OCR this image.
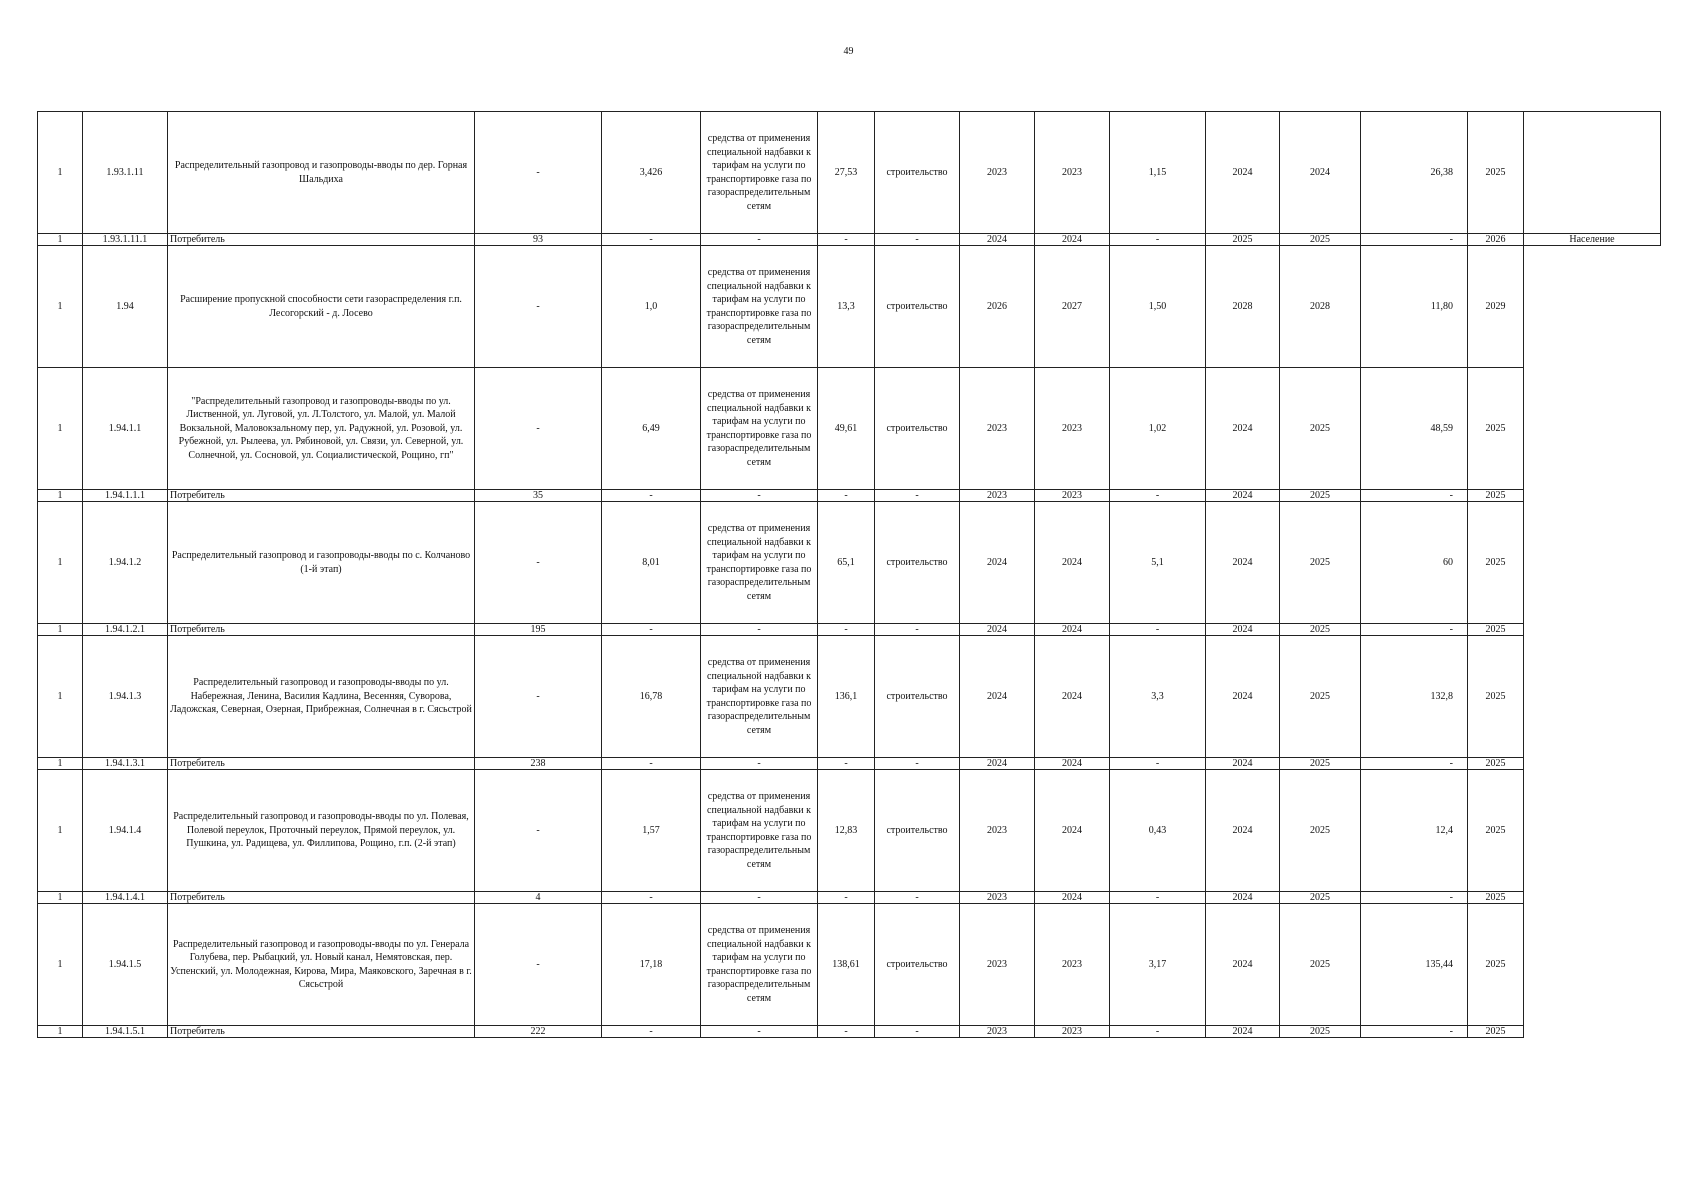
49
1	1.93.1.11	Распределительный газопровод и газопроводы-вводы по дер. Горная Шальдиха	-	3,426	средства от применения специальной надбавки к тарифам на услуги по транспортировке газа по газораспределительным сетям	27,53	строительство	2023	2023	1,15	2024	2024	26,38	2025	
1	1.93.1.11.1	Потребитель	93	-	-	-	-	2024	2024	-	2025	2025	-	2026	Население
1	1.94	Расширение пропускной способности сети газораспределения г.п. Лесогорский - д. Лосево	-	1,0	средства от применения специальной надбавки к тарифам на услуги по транспортировке газа по газораспределительным сетям	13,3	строительство	2026	2027	1,50	2028	2028	11,80	2029	
1	1.94.1.1	"Распределительный газопровод и газопроводы-вводы по ул. Лиственной, ул. Луговой, ул. Л.Толстого, ул. Малой, ул. Малой Вокзальной, Маловокзальному пер, ул. Радужной, ул. Розовой, ул. Рубежной, ул. Рылеева, ул. Рябиновой, ул. Связи, ул. Северной, ул. Солнечной, ул. Сосновой, ул. Социалистической, Рощино, гп"	-	6,49	средства от применения специальной надбавки к тарифам на услуги по транспортировке газа по газораспределительным сетям	49,61	строительство	2023	2023	1,02	2024	2025	48,59	2025	
1	1.94.1.1.1	Потребитель	35	-	-	-	-	2023	2023	-	2024	2025	-	2025	
1	1.94.1.2	Распределительный газопровод и газопроводы-вводы по с. Колчаново (1-й этап)	-	8,01	средства от применения специальной надбавки к тарифам на услуги по транспортировке газа по газораспределительным сетям	65,1	строительство	2024	2024	5,1	2024	2025	60	2025	
1	1.94.1.2.1	Потребитель	195	-	-	-	-	2024	2024	-	2024	2025	-	2025	
1	1.94.1.3	Распределительный газопровод и газопроводы-вводы по ул. Набережная, Ленина, Василия Кадлина, Весенняя, Суворова, Ладожская, Северная, Озерная, Прибрежная, Солнечная в г. Сясьстрой	-	16,78	средства от применения специальной надбавки к тарифам на услуги по транспортировке газа по газораспределительным сетям	136,1	строительство	2024	2024	3,3	2024	2025	132,8	2025	
1	1.94.1.3.1	Потребитель	238	-	-	-	-	2024	2024	-	2024	2025	-	2025	
1	1.94.1.4	Распределительный газопровод и газопроводы-вводы по ул. Полевая, Полевой переулок, Проточный переулок, Прямой переулок, ул. Пушкина, ул. Радищева, ул. Филлипова, Рощино, г.п. (2-й этап)	-	1,57	средства от применения специальной надбавки к тарифам на услуги по транспортировке газа по газораспределительным сетям	12,83	строительство	2023	2024	0,43	2024	2025	12,4	2025	
1	1.94.1.4.1	Потребитель	4	-	-	-	-	2023	2024	-	2024	2025	-	2025	
1	1.94.1.5	Распределительный газопровод и газопроводы-вводы по ул. Генерала Голубева, пер. Рыбацкий, ул. Новый канал, Немятовская, пер. Успенский, ул. Молодежная, Кирова, Мира, Маяковского, Заречная в г. Сясьстрой	-	17,18	средства от применения специальной надбавки к тарифам на услуги по транспортировке газа по газораспределительным сетям	138,61	строительство	2023	2023	3,17	2024	2025	135,44	2025	
1	1.94.1.5.1	Потребитель	222	-	-	-	-	2023	2023	-	2024	2025	-	2025	
